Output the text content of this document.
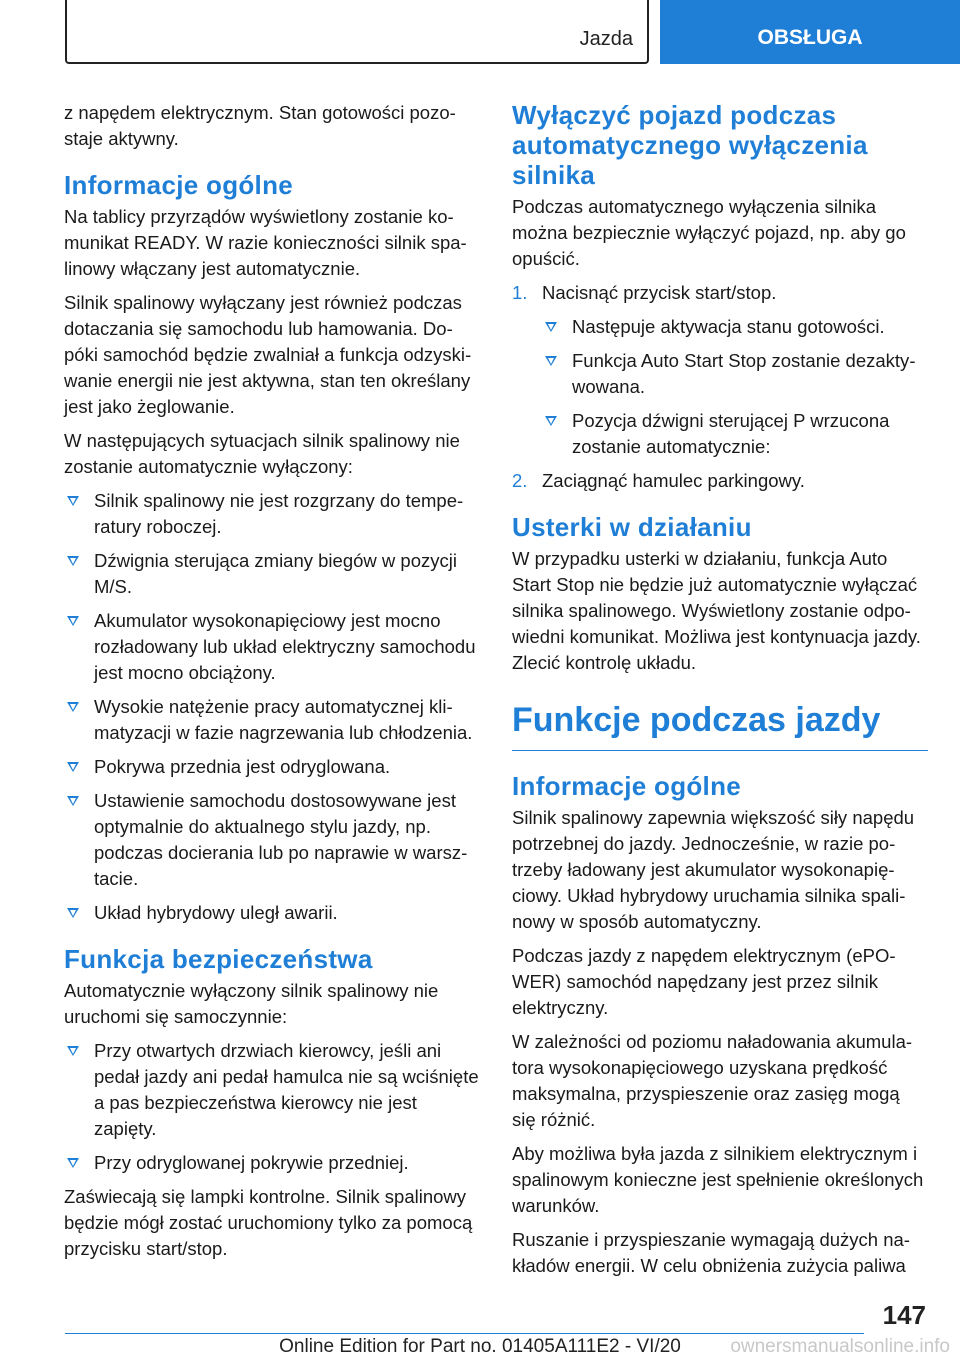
Jazda	OBSŁUGA

z napędem elektrycznym. Stan gotowości pozostaje aktywny.

Informacje ogólne

Na tablicy przyrządów wyświetlony zostanie komunikat READY. W razie konieczności silnik spalinowy włączany jest automatycznie.

Silnik spalinowy wyłączany jest również podczas dotaczania się samochodu lub hamowania. Dopóki samochód będzie zwalniał a funkcja odzyskiwanie energii nie jest aktywna, stan ten określany jest jako żeglowanie.

W następujących sytuacjach silnik spalinowy nie zostanie automatycznie wyłączony:

Silnik spalinowy nie jest rozgrzany do temperatury roboczej.
Dźwignia sterująca zmiany biegów w pozycji M/S.
Akumulator wysokonapięciowy jest mocno rozładowany lub układ elektryczny samochodu jest mocno obciążony.
Wysokie natężenie pracy automatycznej klimatyzacji w fazie nagrzewania lub chłodzenia.
Pokrywa przednia jest odryglowana.
Ustawienie samochodu dostosowywane jest optymalnie do aktualnego stylu jazdy, np. podczas docierania lub po naprawie w warsztacie.
Układ hybrydowy uległ awarii.
Funkcja bezpieczeństwa

Automatycznie wyłączony silnik spalinowy nie uruchomi się samoczynnie:

Przy otwartych drzwiach kierowcy, jeśli ani pedał jazdy ani pedał hamulca nie są wciśnięte a pas bezpieczeństwa kierowcy nie jest zapięty.
Przy odryglowanej pokrywie przedniej.

Zaświecają się lampki kontrolne. Silnik spalinowy będzie mógł zostać uruchomiony tylko za pomocą przycisku start/stop.

Wyłączyć pojazd podczas automatycznego wyłączenia silnika

Podczas automatycznego wyłączenia silnika można bezpiecznie wyłączyć pojazd, np. aby go opuścić.

1. Nacisnąć przycisk start/stop.
Następuje aktywacja stanu gotowości.
Funkcja Auto Start Stop zostanie dezaktywowana.
Pozycja dźwigni sterującej P wrzucona zostanie automatycznie:
2. Zaciągnąć hamulec parkingowy.
Usterki w działaniu

W przypadku usterki w działaniu, funkcja Auto Start Stop nie będzie już automatycznie wyłączać silnika spalinowego. Wyświetlony zostanie odpowiedni komunikat. Możliwa jest kontynuacja jazdy. Zlecić kontrolę układu.

Funkcje podczas jazdy
Informacje ogólne

Silnik spalinowy zapewnia większość siły napędu potrzebnej do jazdy. Jednocześnie, w razie potrzeby ładowany jest akumulator wysokonapięciowy. Układ hybrydowy uruchamia silnika spalinowy w sposób automatyczny.

Podczas jazdy z napędem elektrycznym (ePOWER) samochód napędzany jest przez silnik elektryczny.

W zależności od poziomu naładowania akumulatora wysokonapięciowego uzyskana prędkość maksymalna, przyspieszenie oraz zasięg mogą się różnić.

Aby możliwa była jazda z silnikiem elektrycznym i spalinowym konieczne jest spełnienie określonych warunków.

Ruszanie i przyspieszanie wymagają dużych nakładów energii. W celu obniżenia zużycia paliwa

147
Online Edition for Part no. 01405A111E2 - VI/20	ownersmanualsonline.info
